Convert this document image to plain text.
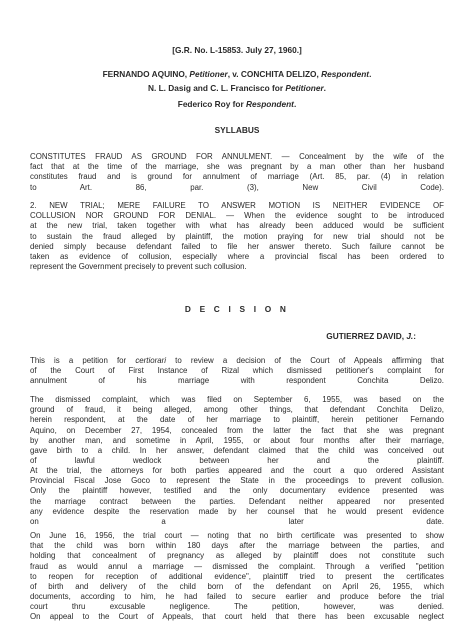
[G.R. No. L-15853. July 27, 1960.]
FERNANDO AQUINO, Petitioner, v. CONCHITA DELIZO, Respondent.
N. L. Dasig and C. L. Francisco for Petitioner.
Federico Roy for Respondent.
SYLLABUS
CONSTITUTES FRAUD AS GROUND FOR ANNULMENT. — Concealment by the wife of the
fact that at the time of the marriage, she was pregnant by a man other than her husband
constitutes fraud and is ground for annulment of marriage (Art. 85, par. (4) in relation
to Art. 86, par. (3), New Civil Code).
2. NEW TRIAL; MERE FAILURE TO ANSWER MOTION IS NEITHER EVIDENCE OF
COLLUSION NOR GROUND FOR DENIAL. — When the evidence sought to be introduced
at the new trial, taken together with what has already been adduced would be sufficient
to sustain the fraud alleged by plaintiff, the motion praying for new trial should not be
denied simply because defendant failed to file her answer thereto. Such failure cannot be
taken as evidence of collusion, especially where a provincial fiscal has been ordered to
represent the Government precisely to prevent such collusion.
D E C I S I O N
GUTIERREZ DAVID, J.:
This is a petition for certiorari to review a decision of the Court of Appeals affirming that
of the Court of First Instance of Rizal which dismissed petitioner's complaint for
annulment of his marriage with respondent Conchita Delizo.
The dismissed complaint, which was filed on September 6, 1955, was based on the
ground of fraud, it being alleged, among other things, that defendant Conchita Delizo,
herein respondent, at the date of her marriage to plaintiff, herein petitioner Fernando
Aquino, on December 27, 1954, concealed from the latter the fact that she was pregnant
by another man, and sometime in April, 1955, or about four months after their marriage,
gave birth to a child. In her answer, defendant claimed that the child was conceived out
of lawful wedlock between her and the plaintiff.
At the trial, the attorneys for both parties appeared and the court a quo ordered Assistant
Provincial Fiscal Jose Goco to represent the State in the proceedings to prevent collusion.
Only the plaintiff however, testified and the only documentary evidence presented was
the marriage contract between the parties. Defendant neither appeared nor presented
any evidence despite the reservation made by her counsel that he would present evidence
on a later date.
On June 16, 1956, the trial court — noting that no birth certificate was presented to show
that the child was born within 180 days after the marriage between the parties, and
holding that concealment of pregnancy as alleged by plaintiff does not constitute such
fraud as would annul a marriage — dismissed the complaint. Through a verified "petition
to reopen for reception of additional evidence", plaintiff tried to present the certificates
of birth and delivery of the child born of the defendant on April 26, 1955, which
documents, according to him, he had failed to secure earlier and produce before the trial
court thru excusable negligence. The petition, however, was denied.
On appeal to the Court of Appeals, that court held that there has been excusable neglect
